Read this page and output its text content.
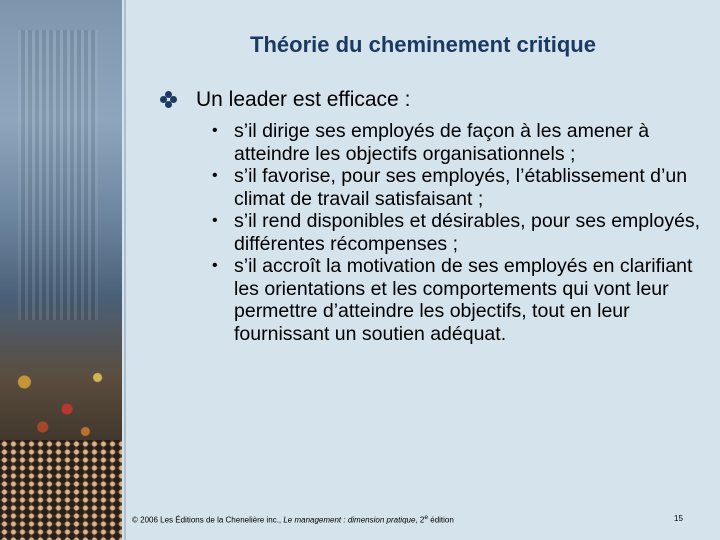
Théorie du cheminement critique
Un leader est efficace :
• s’il dirige ses employés de façon à les amener à atteindre les objectifs organisationnels ;
• s’il favorise, pour ses employés, l’établissement d’un climat de travail satisfaisant ;
• s’il rend disponibles et désirables, pour ses employés, différentes récompenses ;
• s’il accroît la motivation de ses employés en clarifiant les orientations et les comportements qui vont leur permettre d’atteindre les objectifs, tout en leur fournissant un soutien adéquat.
© 2006 Les Éditions de la Chenelière inc., Le management : dimension pratique, 2e édition	15
